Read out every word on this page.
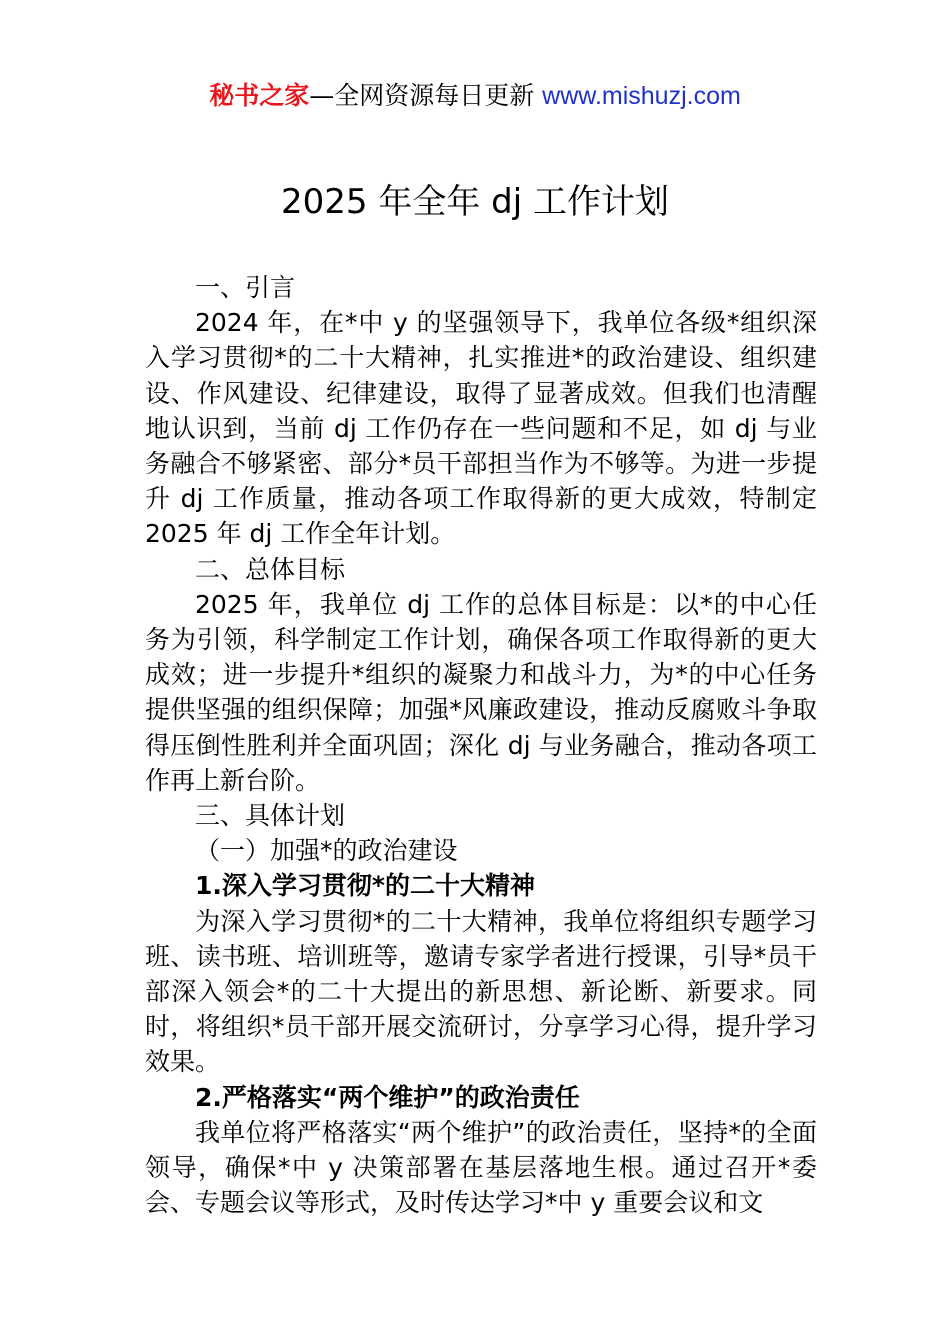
秘书之家—全网资源每日更新 www.mishuzj.com
2025 年全年 dj 工作计划

一、引言

2024 年，在*中 y 的坚强领导下，我单位各级*组织深入学习贯彻*的二十大精神，扎实推进*的政治建设、组织建设、作风建设、纪律建设，取得了显著成效。但我们也清醒地认识到，当前 dj 工作仍存在一些问题和不足，如 dj 与业务融合不够紧密、部分*员干部担当作为不够等。为进一步提升 dj 工作质量，推动各项工作取得新的更大成效，特制定 2025 年 dj 工作全年计划。

二、总体目标

2025 年，我单位 dj 工作的总体目标是：以*的中心任务为引领，科学制定工作计划，确保各项工作取得新的更大成效；进一步提升*组织的凝聚力和战斗力，为*的中心任务提供坚强的组织保障；加强*风廉政建设，推动反腐败斗争取得压倒性胜利并全面巩固；深化 dj 与业务融合，推动各项工作再上新台阶。

三、具体计划

（一）加强*的政治建设

1.深入学习贯彻*的二十大精神

为深入学习贯彻*的二十大精神，我单位将组织专题学习班、读书班、培训班等，邀请专家学者进行授课，引导*员干部深入领会*的二十大提出的新思想、新论断、新要求。同时，将组织*员干部开展交流研讨，分享学习心得，提升学习效果。

2.严格落实“两个维护”的政治责任

我单位将严格落实“两个维护”的政治责任，坚持*的全面领导，确保*中 y 决策部署在基层落地生根。通过召开*委会、专题会议等形式，及时传达学习*中 y 重要会议和文
